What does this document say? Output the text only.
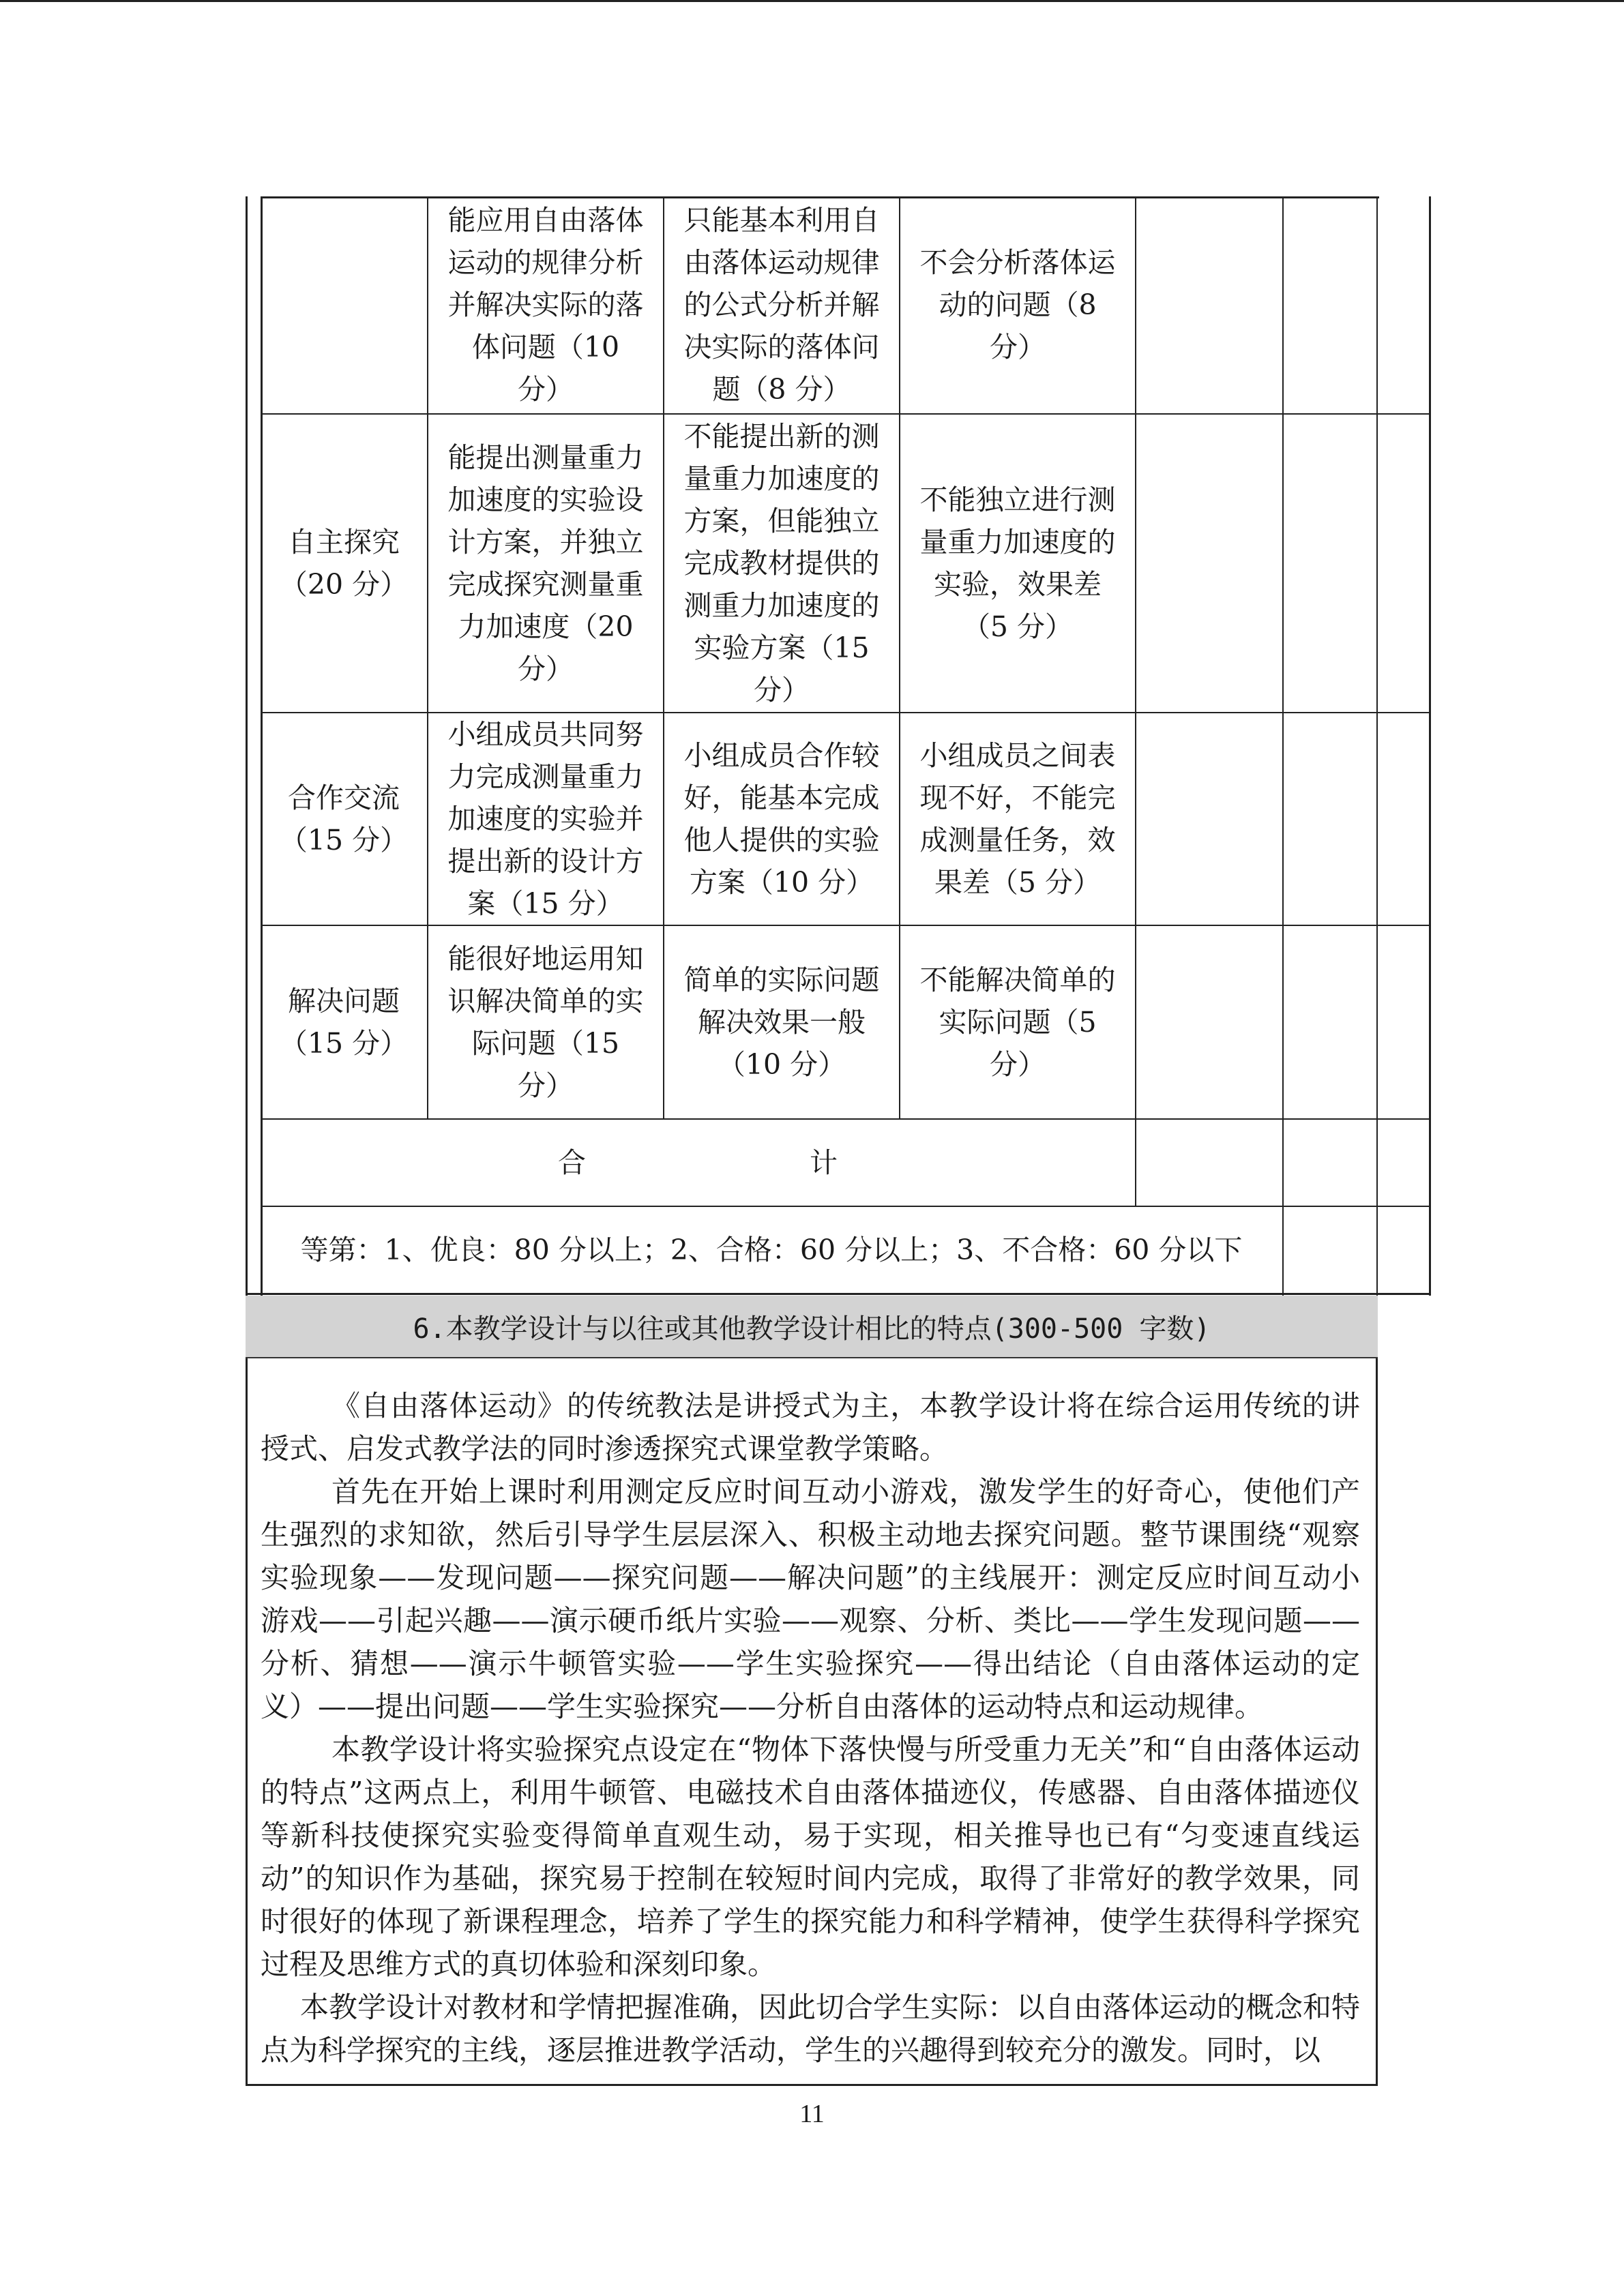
能应用自由落体
运动的规律分析
并解决实际的落
体问题（10
分）
只能基本利用自
由落体运动规律
的公式分析并解
决实际的落体问
题（8 分）
不会分析落体运
动的问题（8
分）
自主探究
（20 分）
能提出测量重力
加速度的实验设
计方案，并独立
完成探究测量重
力加速度（20
分）
不能提出新的测
量重力加速度的
方案，但能独立
完成教材提供的
测重力加速度的
实验方案（15
分）
不能独立进行测
量重力加速度的
实验，效果差
（5 分）
合作交流
（15 分）
小组成员共同努
力完成测量重力
加速度的实验并
提出新的设计方
案（15 分）
小组成员合作较
好，能基本完成
他人提供的实验
方案（10 分）
小组成员之间表
现不好，不能完
成测量任务，效
果差（5 分）
解决问题
（15 分）
能很好地运用知
识解决简单的实
际问题（15
分）
简单的实际问题
解决效果一般
（10 分）
不能解决简单的
实际问题（5
分）
合　　　　　　　　计
等第：1、优良：80 分以上；2、合格：60 分以上；3、不合格：60 分以下
6.本教学设计与以往或其他教学设计相比的特点(300-500 字数)

《自由落体运动》的传统教法是讲授式为主，本教学设计将在综合运用传统的讲授式、启发式教学法的同时渗透探究式课堂教学策略。

首先在开始上课时利用测定反应时间互动小游戏，激发学生的好奇心，使他们产生强烈的求知欲，然后引导学生层层深入、积极主动地去探究问题。整节课围绕“观察实验现象——发现问题——探究问题——解决问题”的主线展开：测定反应时间互动小游戏——引起兴趣——演示硬币纸片实验——观察、分析、类比——学生发现问题——分析、猜想——演示牛顿管实验——学生实验探究——得出结论（自由落体运动的定义）——提出问题——学生实验探究——分析自由落体的运动特点和运动规律。

本教学设计将实验探究点设定在“物体下落快慢与所受重力无关”和“自由落体运动的特点”这两点上，利用牛顿管、电磁技术自由落体描迹仪，传感器、自由落体描迹仪等新科技使探究实验变得简单直观生动，易于实现，相关推导也已有“匀变速直线运动”的知识作为基础，探究易于控制在较短时间内完成，取得了非常好的教学效果，同时很好的体现了新课程理念，培养了学生的探究能力和科学精神，使学生获得科学探究过程及思维方式的真切体验和深刻印象。

本教学设计对教材和学情把握准确，因此切合学生实际：以自由落体运动的概念和特点为科学探究的主线，逐层推进教学活动，学生的兴趣得到较充分的激发。同时，以

11
